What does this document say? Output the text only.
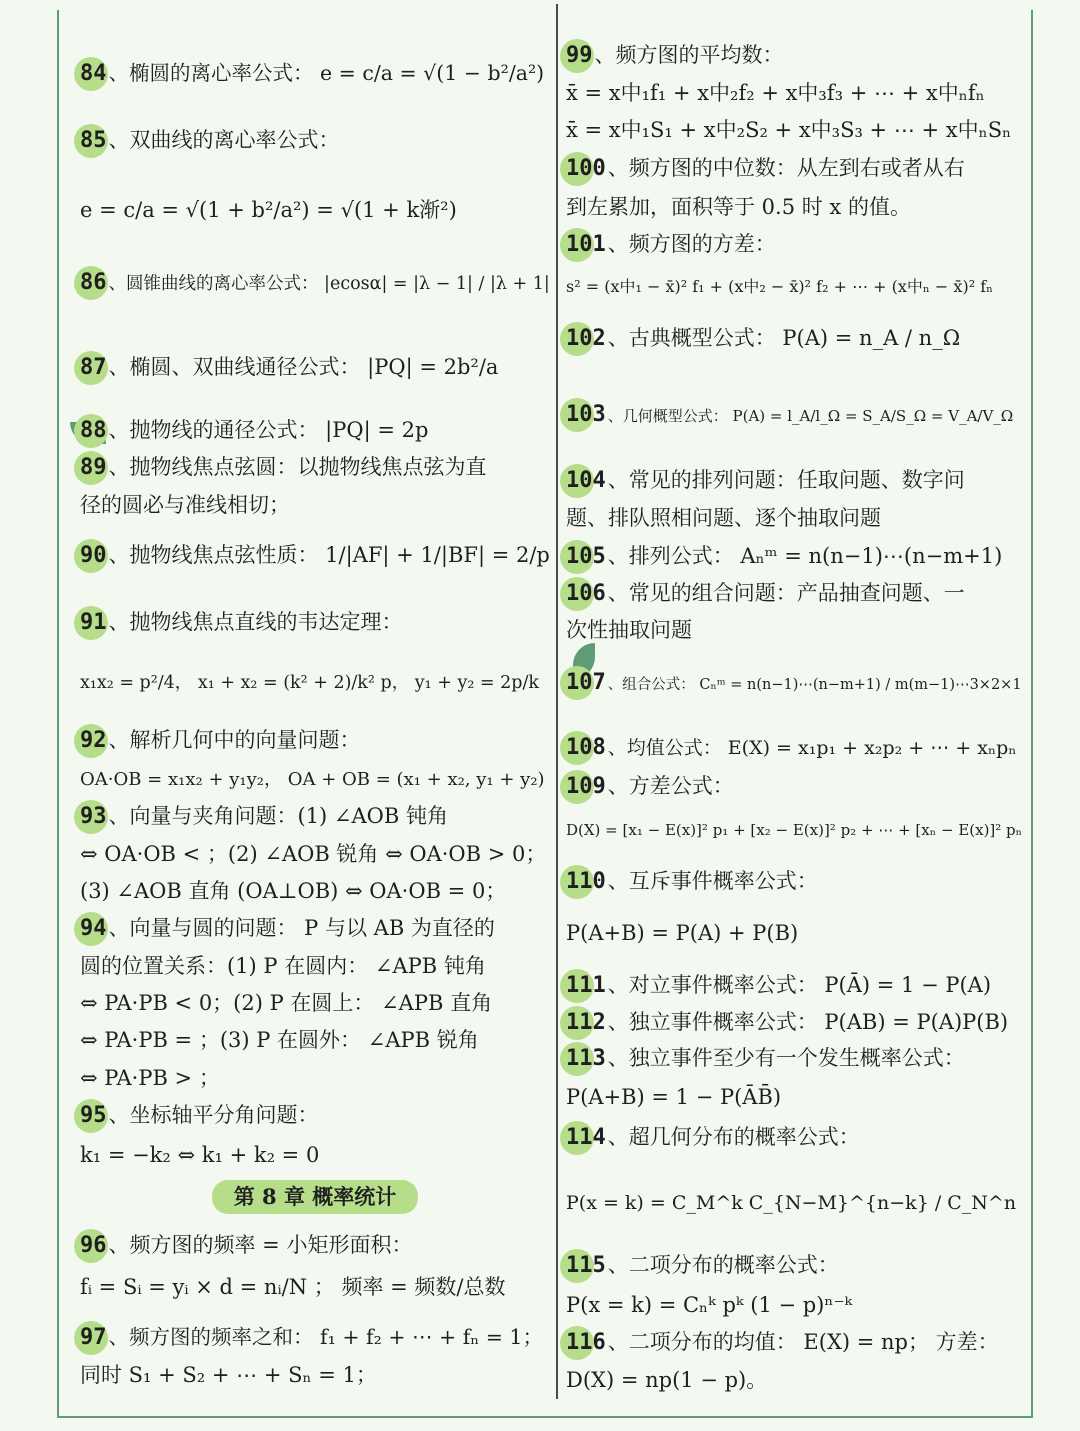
84、椭圆的离心率公式： e = c/a = √(1 − b²/a²)
85、双曲线的离心率公式：
e = c/a = √(1 + b²/a²) = √(1 + k渐²)
86 、圆锥曲线的离心率公式： |ecosα| = |λ − 1| / |λ + 1|
87、椭圆、双曲线通径公式： |PQ| = 2b²/a
88、抛物线的通径公式： |PQ| = 2p
89、抛物线焦点弦圆：以抛物线焦点弦为直
径的圆必与准线相切；
90、抛物线焦点弦性质： 1/|AF| + 1/|BF| = 2/p
91、抛物线焦点直线的韦达定理：
x₁x₂ = p²/4， x₁ + x₂ = (k² + 2)/k² p， y₁ + y₂ = 2p/k
92、解析几何中的向量问题：
OA·OB = x₁x₂ + y₁y₂， OA + OB = (x₁ + x₂, y₁ + y₂)
93、向量与夹角问题：(1) ∠AOB 钝角
⇔ OA·OB < ；(2) ∠AOB 锐角 ⇔ OA·OB > 0；
(3) ∠AOB 直角 (OA⊥OB) ⇔ OA·OB = 0；
94、向量与圆的问题： P 与以 AB 为直径的
圆的位置关系：(1) P 在圆内： ∠APB 钝角
⇔ PA·PB < 0；(2) P 在圆上： ∠APB 直角
⇔ PA·PB = ；(3) P 在圆外： ∠APB 锐角
⇔ PA·PB > ；
95、坐标轴平分角问题：
k₁ = −k₂ ⇔ k₁ + k₂ = 0
第 8 章 概率统计
96、频方图的频率 = 小矩形面积：
fᵢ = Sᵢ = yᵢ × d = nᵢ/N ； 频率 = 频数/总数
97、频方图的频率之和： f₁ + f₂ + ⋯ + fₙ = 1；
同时 S₁ + S₂ + ⋯ + Sₙ = 1；
99、频方图的平均数：
x̄ = x中₁f₁ + x中₂f₂ + x中₃f₃ + ⋯ + x中ₙfₙ
x̄ = x中₁S₁ + x中₂S₂ + x中₃S₃ + ⋯ + x中ₙSₙ
100、频方图的中位数：从左到右或者从右
到左累加，面积等于 0.5 时 x 的值。
101、频方图的方差：
s² = (x中₁ − x̄)² f₁ + (x中₂ − x̄)² f₂ + ⋯ + (x中ₙ − x̄)² fₙ
102、古典概型公式： P(A) = n_A / n_Ω
103 、几何概型公式： P(A) = l_A/l_Ω = S_A/S_Ω = V_A/V_Ω
104、常见的排列问题：任取问题、数字问
题、排队照相问题、逐个抽取问题
105、排列公式： Aₙᵐ = n(n−1)⋯(n−m+1)
106、常见的组合问题：产品抽查问题、一
次性抽取问题
107 、组合公式： Cₙᵐ = n(n−1)⋯(n−m+1) / m(m−1)⋯3×2×1
108 、均值公式： E(X) = x₁p₁ + x₂p₂ + ⋯ + xₙpₙ
109、方差公式：
D(X) = [x₁ − E(x)]² p₁ + [x₂ − E(x)]² p₂ + ⋯ + [xₙ − E(x)]² pₙ
110、互斥事件概率公式：
P(A+B) = P(A) + P(B)
111、对立事件概率公式： P(Ā) = 1 − P(A)
112、独立事件概率公式： P(AB) = P(A)P(B)
113、独立事件至少有一个发生概率公式：
P(A+B) = 1 − P(ĀB̄)
114、超几何分布的概率公式：
P(x = k) = C_M^k C_{N−M}^{n−k} / C_N^n
115、二项分布的概率公式：
P(x = k) = Cₙᵏ pᵏ (1 − p)ⁿ⁻ᵏ
116、二项分布的均值： E(X) = np； 方差：
D(X) = np(1 − p)。
